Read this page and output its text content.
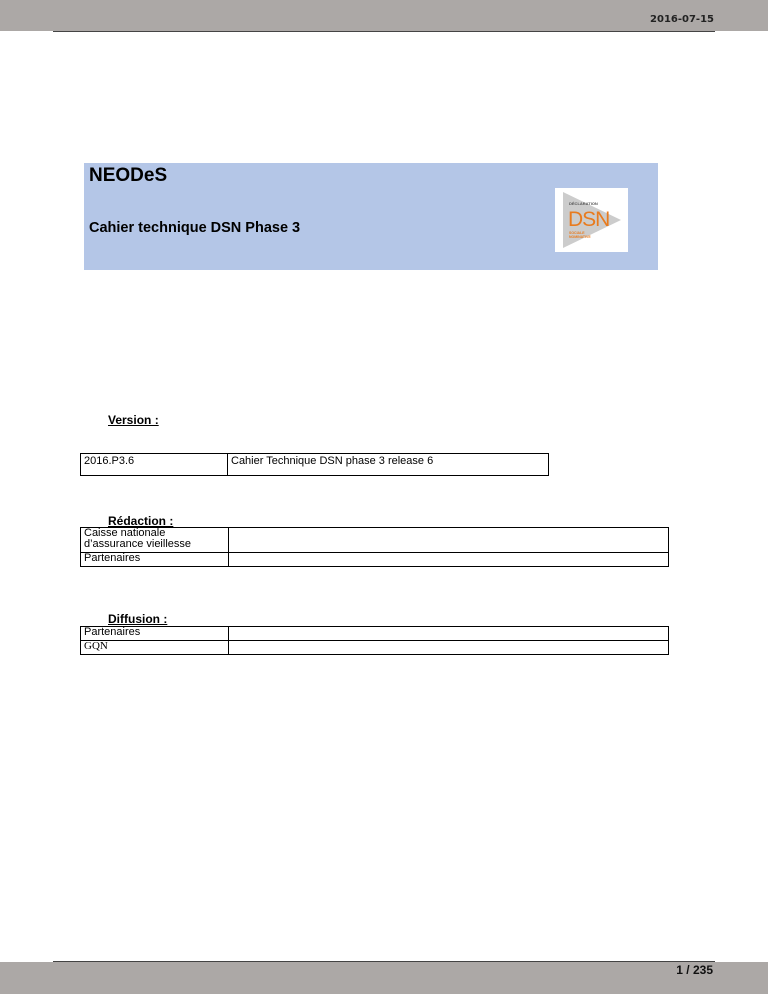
2016-07-15
NEODeS
Cahier technique DSN Phase 3
DÉCLARATION
DSN
SOCIALE
NOMINATIVE
Version :
2016.P3.6	Cahier Technique DSN phase 3 release 6
Rédaction :
Caisse nationale d’assurance vieillesse	
Partenaires	
Diffusion :
Partenaires	
GQN	
1 / 235
